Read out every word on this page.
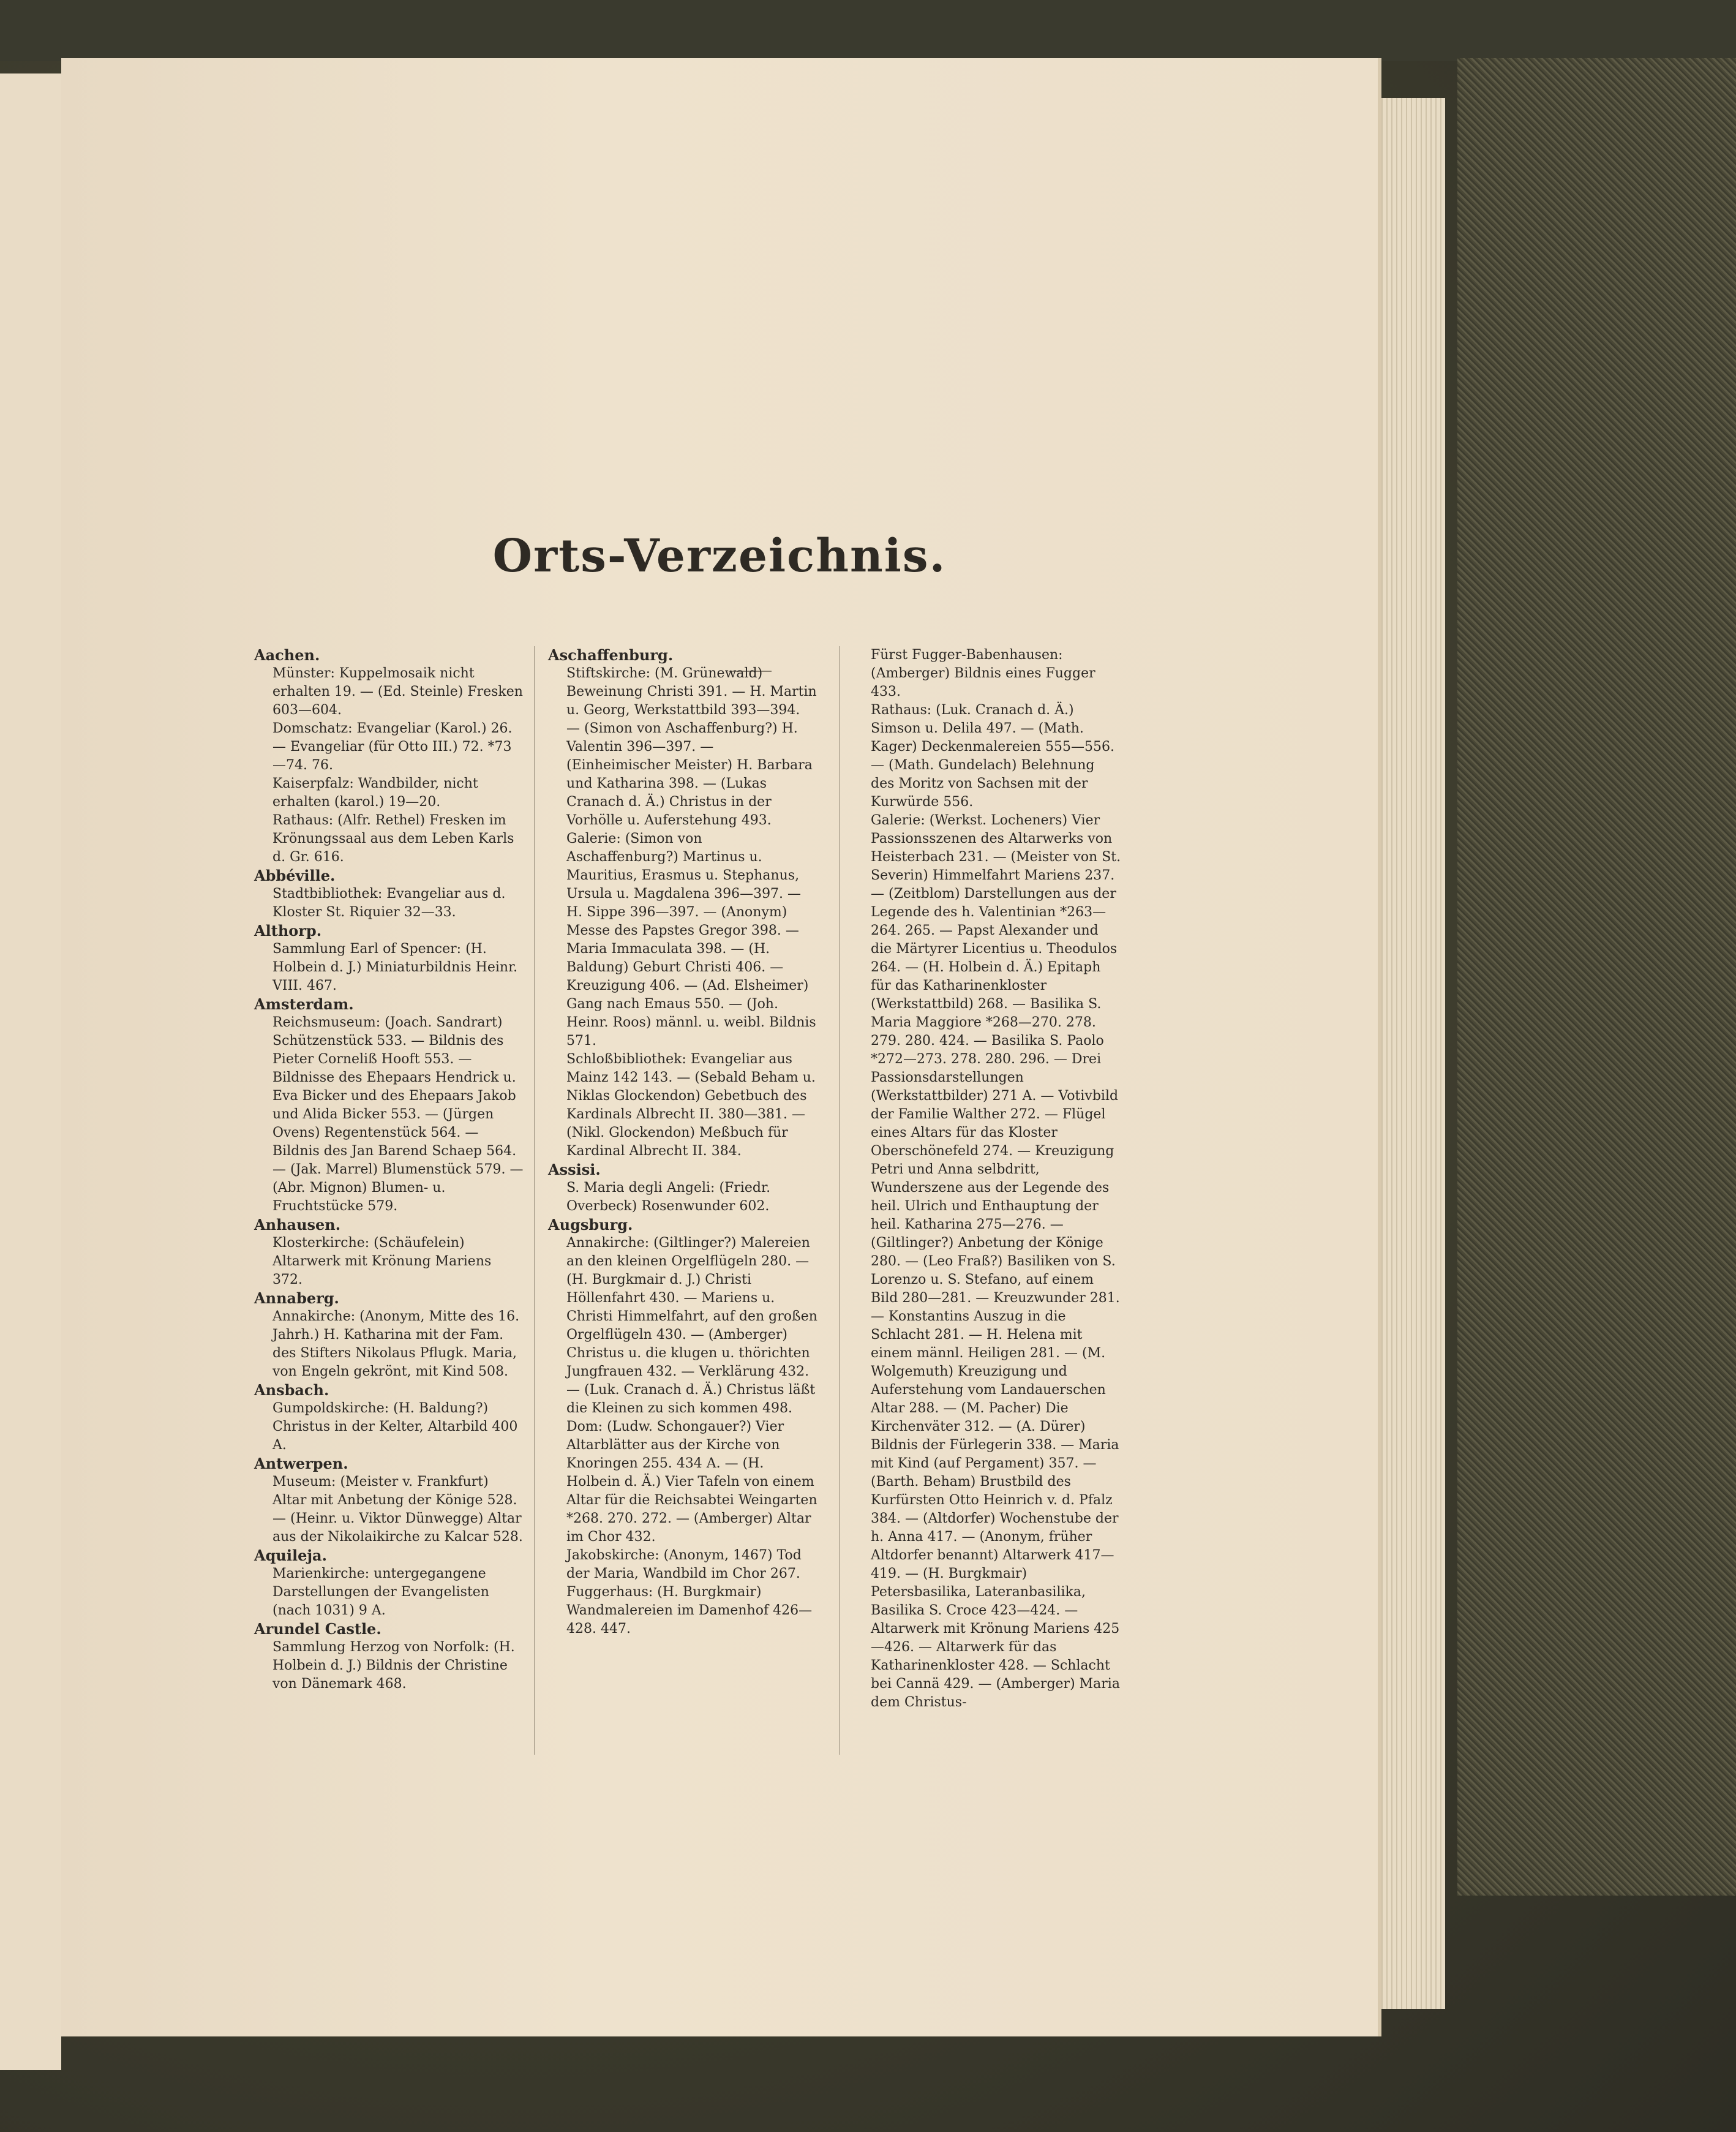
Orts-Verzeichnis.
Aachen.
Münster: Kuppelmosaik nicht erhalten 19. — (Ed. Steinle) Fresken 603—604.
Domschatz: Evangeliar (Karol.) 26. — Evangeliar (für Otto III.) 72. *73—74. 76.
Kaiserpfalz: Wandbilder, nicht erhalten (karol.) 19—20.
Rathaus: (Alfr. Rethel) Fresken im Krönungssaal aus dem Leben Karls d. Gr. 616.
Abbéville.
Stadtbibliothek: Evangeliar aus d. Kloster St. Riquier 32—33.
Althorp.
Sammlung Earl of Spencer: (H. Holbein d. J.) Miniaturbildnis Heinr. VIII. 467.
Amsterdam.
Reichsmuseum: (Joach. Sandrart) Schützenstück 533. — Bildnis des Pieter Corneliß Hooft 553. — Bildnisse des Ehepaars Hendrick u. Eva Bicker und des Ehepaars Jakob und Alida Bicker 553. — (Jürgen Ovens) Regentenstück 564. — Bildnis des Jan Barend Schaep 564. — (Jak. Marrel) Blumenstück 579. — (Abr. Mignon) Blumen- u. Fruchtstücke 579.
Anhausen.
Klosterkirche: (Schäufelein) Altarwerk mit Krönung Mariens 372.
Annaberg.
Annakirche: (Anonym, Mitte des 16. Jahrh.) H. Katharina mit der Fam. des Stifters Nikolaus Pflugk. Maria, von Engeln gekrönt, mit Kind 508.
Ansbach.
Gumpoldskirche: (H. Baldung?) Christus in der Kelter, Altarbild 400 A.
Antwerpen.
Museum: (Meister v. Frankfurt) Altar mit Anbetung der Könige 528. — (Heinr. u. Viktor Dünwegge) Altar aus der Nikolaikirche zu Kalcar 528.
Aquileja.
Marienkirche: untergegangene Darstellungen der Evangelisten (nach 1031) 9 A.
Arundel Castle.
Sammlung Herzog von Norfolk: (H. Holbein d. J.) Bildnis der Christine von Dänemark 468.
Aschaffenburg.
Stiftskirche: (M. Grünewald) Beweinung Christi 391. — H. Martin u. Georg, Werkstattbild 393—394. — (Simon von Aschaffenburg?) H. Valentin 396—397. — (Einheimischer Meister) H. Barbara und Katharina 398. — (Lukas Cranach d. Ä.) Christus in der Vorhölle u. Auferstehung 493.
Galerie: (Simon von Aschaffenburg?) Martinus u. Mauritius, Erasmus u. Stephanus, Ursula u. Magdalena 396—397. — H. Sippe 396—397. — (Anonym) Messe des Papstes Gregor 398. — Maria Immaculata 398. — (H. Baldung) Geburt Christi 406. — Kreuzigung 406. — (Ad. Elsheimer) Gang nach Emaus 550. — (Joh. Heinr. Roos) männl. u. weibl. Bildnis 571.
Schloßbibliothek: Evangeliar aus Mainz 142 143. — (Sebald Beham u. Niklas Glockendon) Gebetbuch des Kardinals Albrecht II. 380—381. — (Nikl. Glockendon) Meßbuch für Kardinal Albrecht II. 384.
Assisi.
S. Maria degli Angeli: (Friedr. Overbeck) Rosenwunder 602.
Augsburg.
Annakirche: (Giltlinger?) Malereien an den kleinen Orgelflügeln 280. — (H. Burgkmair d. J.) Christi Höllenfahrt 430. — Mariens u. Christi Himmelfahrt, auf den großen Orgelflügeln 430. — (Amberger) Christus u. die klugen u. thörichten Jungfrauen 432. — Verklärung 432. — (Luk. Cranach d. Ä.) Christus läßt die Kleinen zu sich kommen 498.
Dom: (Ludw. Schongauer?) Vier Altarblätter aus der Kirche von Knoringen 255. 434 A. — (H. Holbein d. Ä.) Vier Tafeln von einem Altar für die Reichsabtei Weingarten *268. 270. 272. — (Amberger) Altar im Chor 432.
Jakobskirche: (Anonym, 1467) Tod der Maria, Wandbild im Chor 267.
Fuggerhaus: (H. Burgkmair) Wandmalereien im Damenhof 426—428. 447.
Fürst Fugger-Babenhausen: (Amberger) Bildnis eines Fugger 433.
Rathaus: (Luk. Cranach d. Ä.) Simson u. Delila 497. — (Math. Kager) Deckenmalereien 555—556. — (Math. Gundelach) Belehnung des Moritz von Sachsen mit der Kurwürde 556.
Galerie: (Werkst. Locheners) Vier Passionsszenen des Altarwerks von Heisterbach 231. — (Meister von St. Severin) Himmelfahrt Mariens 237. — (Zeitblom) Darstellungen aus der Legende des h. Valentinian *263—264. 265. — Papst Alexander und die Märtyrer Licentius u. Theodulos 264. — (H. Holbein d. Ä.) Epitaph für das Katharinenkloster (Werkstattbild) 268. — Basilika S. Maria Maggiore *268—270. 278. 279. 280. 424. — Basilika S. Paolo *272—273. 278. 280. 296. — Drei Passionsdarstellungen (Werkstattbilder) 271 A. — Votivbild der Familie Walther 272. — Flügel eines Altars für das Kloster Oberschönefeld 274. — Kreuzigung Petri und Anna selbdritt, Wunderszene aus der Legende des heil. Ulrich und Enthauptung der heil. Katharina 275—276. — (Giltlinger?) Anbetung der Könige 280. — (Leo Fraß?) Basiliken von S. Lorenzo u. S. Stefano, auf einem Bild 280—281. — Kreuzwunder 281. — Konstantins Auszug in die Schlacht 281. — H. Helena mit einem männl. Heiligen 281. — (M. Wolgemuth) Kreuzigung und Auferstehung vom Landauerschen Altar 288. — (M. Pacher) Die Kirchenväter 312. — (A. Dürer) Bildnis der Fürlegerin 338. — Maria mit Kind (auf Pergament) 357. — (Barth. Beham) Brustbild des Kurfürsten Otto Heinrich v. d. Pfalz 384. — (Altdorfer) Wochenstube der h. Anna 417. — (Anonym, früher Altdorfer benannt) Altarwerk 417—419. — (H. Burgkmair) Petersbasilika, Lateranbasilika, Basilika S. Croce 423—424. — Altarwerk mit Krönung Mariens 425—426. — Altarwerk für das Katharinenkloster 428. — Schlacht bei Cannä 429. — (Amberger) Maria dem Christus-
